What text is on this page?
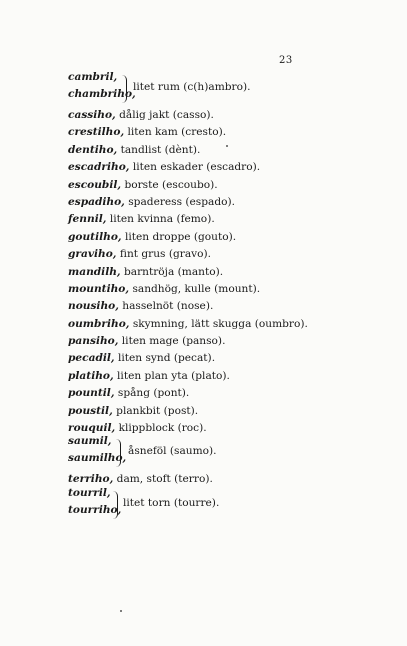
23
cambril,
chambriho,
litet rum (c(h)ambro).
cassiho, dålig jakt (casso).
crestilho, liten kam (cresto).
dentiho, tandlist (dènt).
escadriho, liten eskader (escadro).
escoubil, borste (escoubo).
espadiho, spaderess (espado).
fennil, liten kvinna (femo).
goutilho, liten droppe (gouto).
graviho, fint grus (gravo).
mandilh, barntröja (manto).
mountiho, sandhög, kulle (mount).
nousiho, hasselnöt (nose).
oumbriho, skymning, lätt skugga (oumbro).
pansiho, liten mage (panso).
pecadil, liten synd (pecat).
platiho, liten plan yta (plato).
pountil, spång (pont).
poustil, plankbit (post).
rouquil, klippblock (roc).
saumil,
saumilho,
åsneföl (saumo).
terriho, dam, stoft (terro).
tourril,
tourriho,
litet torn (tourre).
